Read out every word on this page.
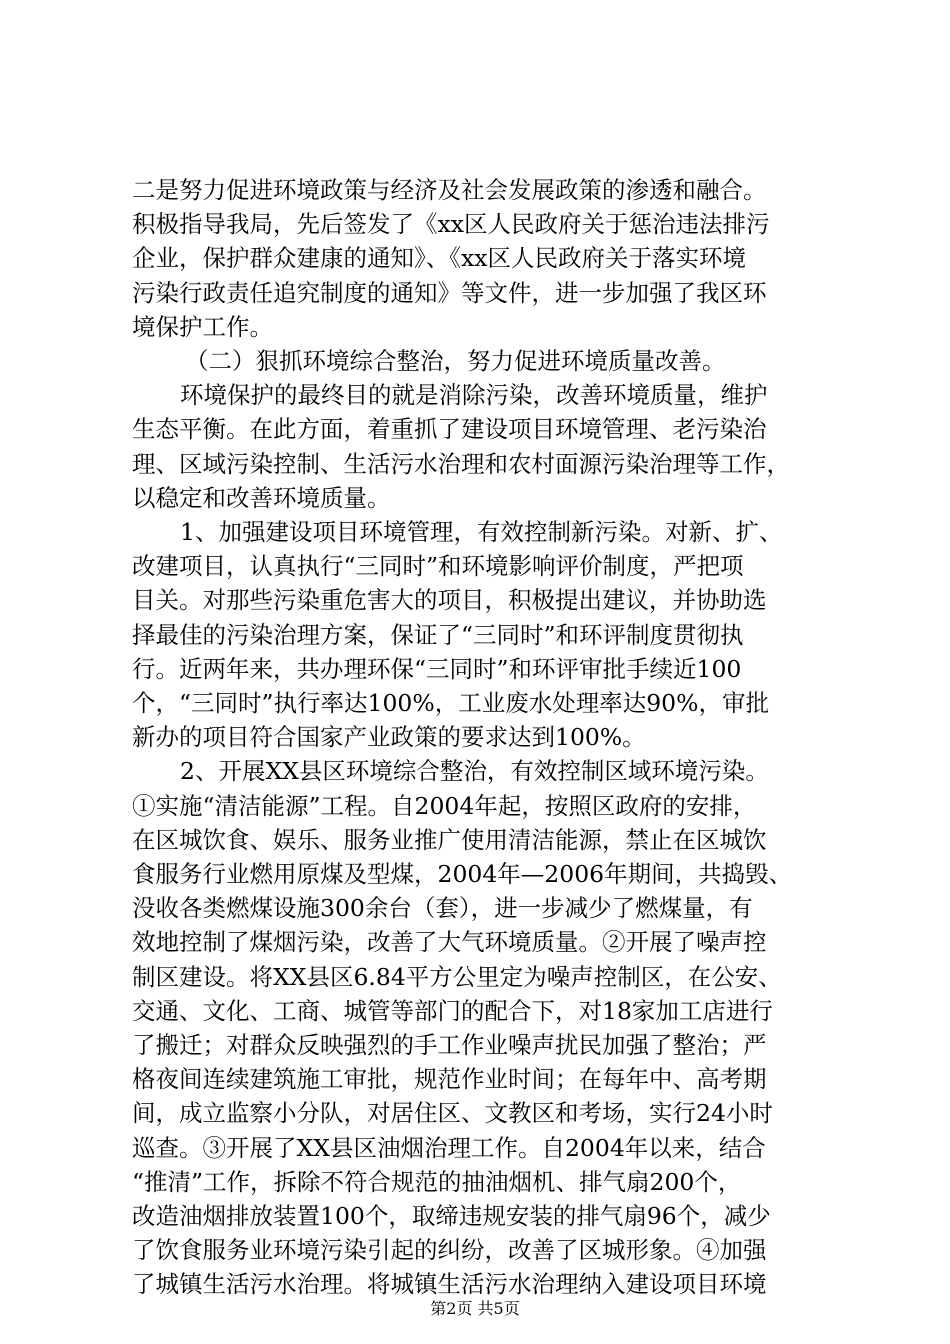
二是努力促进环境政策与经济及社会发展政策的渗透和融合。
积极指导我局，先后签发了《xx区人民政府关于惩治违法排污
企业，保护群众建康的通知》、《xx区人民政府关于落实环境
污染行政责任追究制度的通知》等文件，进一步加强了我区环
境保护工作。
（二）狠抓环境综合整治，努力促进环境质量改善。
环境保护的最终目的就是消除污染，改善环境质量，维护
生态平衡。在此方面，着重抓了建设项目环境管理、老污染治
理、区域污染控制、生活污水治理和农村面源污染治理等工作，
以稳定和改善环境质量。
1、加强建设项目环境管理，有效控制新污染。对新、扩、
改建项目，认真执行“三同时”和环境影响评价制度，严把项
目关。对那些污染重危害大的项目，积极提出建议，并协助选
择最佳的污染治理方案，保证了“三同时”和环评制度贯彻执
行。近两年来，共办理环保“三同时”和环评审批手续近100
个，“三同时”执行率达100%，工业废水处理率达90%，审批
新办的项目符合国家产业政策的要求达到100%。
2、开展XX县区环境综合整治，有效控制区域环境污染。
①实施“清洁能源”工程。自2004年起，按照区政府的安排，
在区城饮食、娱乐、服务业推广使用清洁能源，禁止在区城饮
食服务行业燃用原煤及型煤，2004年—2006年期间，共捣毁、
没收各类燃煤设施300余台（套），进一步减少了燃煤量，有
效地控制了煤烟污染，改善了大气环境质量。②开展了噪声控
制区建设。将XX县区6.84平方公里定为噪声控制区，在公安、
交通、文化、工商、城管等部门的配合下，对18家加工店进行
了搬迁；对群众反映强烈的手工作业噪声扰民加强了整治；严
格夜间连续建筑施工审批，规范作业时间；在每年中、高考期
间，成立监察小分队，对居住区、文教区和考场，实行24小时
巡查。③开展了XX县区油烟治理工作。自2004年以来，结合
“推清”工作，拆除不符合规范的抽油烟机、排气扇200个，
改造油烟排放装置100个，取缔违规安装的排气扇96个，减少
了饮食服务业环境污染引起的纠纷，改善了区城形象。④加强
了城镇生活污水治理。将城镇生活污水治理纳入建设项目环境
第2页 共5页
